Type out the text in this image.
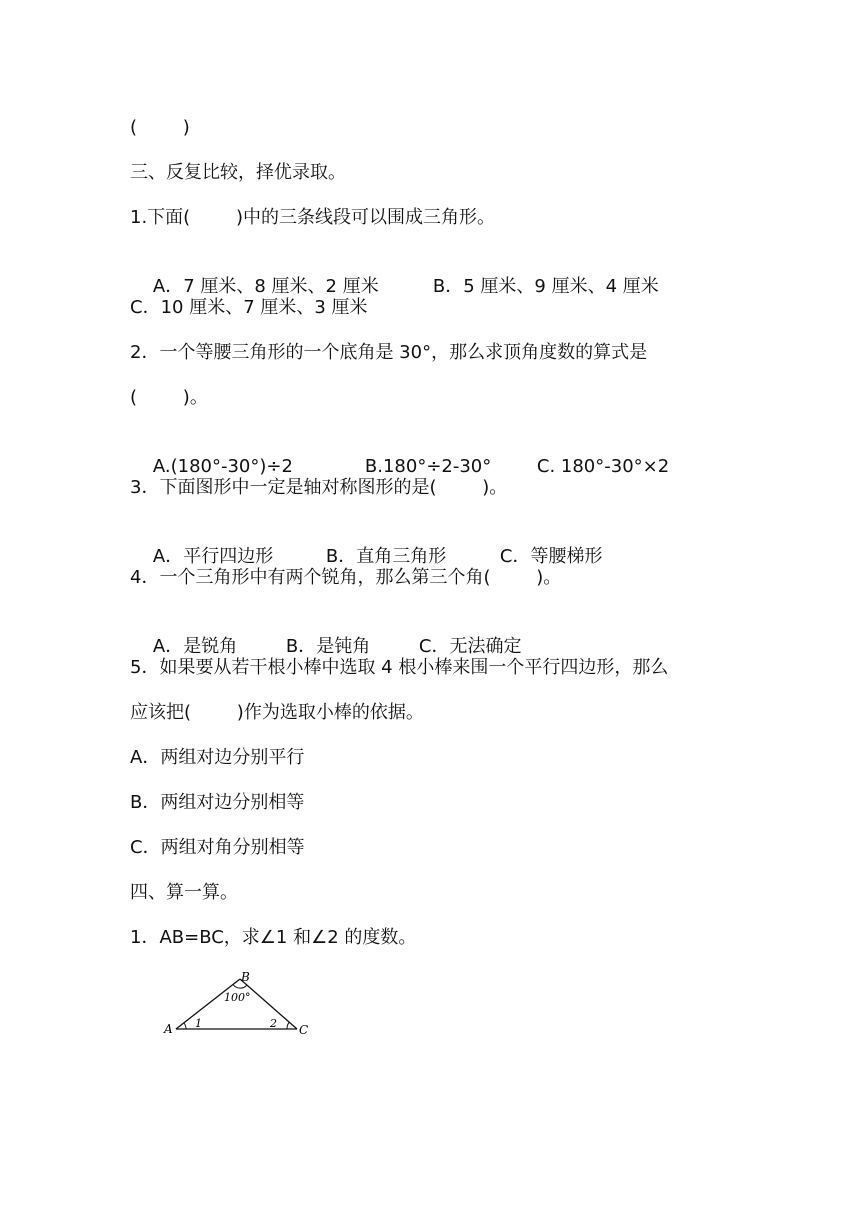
(        )

三、反复比较，择优录取。

1.下面(        )中的三条线段可以围成三角形。

A．7 厘米、8 厘米、2 厘米	B．5 厘米、9 厘米、4 厘米

C．10 厘米、7 厘米、3 厘米

2．一个等腰三角形的一个底角是 30°，那么求顶角度数的算式是

(        )。

A.(180°-30°)÷2	B.180°÷2-30°	C. 180°-30°×2

3．下面图形中一定是轴对称图形的是(        )。

A．平行四边形	B．直角三角形	C．等腰梯形

4．一个三角形中有两个锐角，那么第三个角(        )。

A．是锐角	B．是钝角	C．无法确定

5．如果要从若干根小棒中选取 4 根小棒来围一个平行四边形，那么

应该把(        )作为选取小棒的依据。

A．两组对边分别平行

B．两组对边分别相等

C．两组对角分别相等

四、算一算。

1．AB=BC，求∠1 和∠2 的度数。

A
B
C
100°
1	2
